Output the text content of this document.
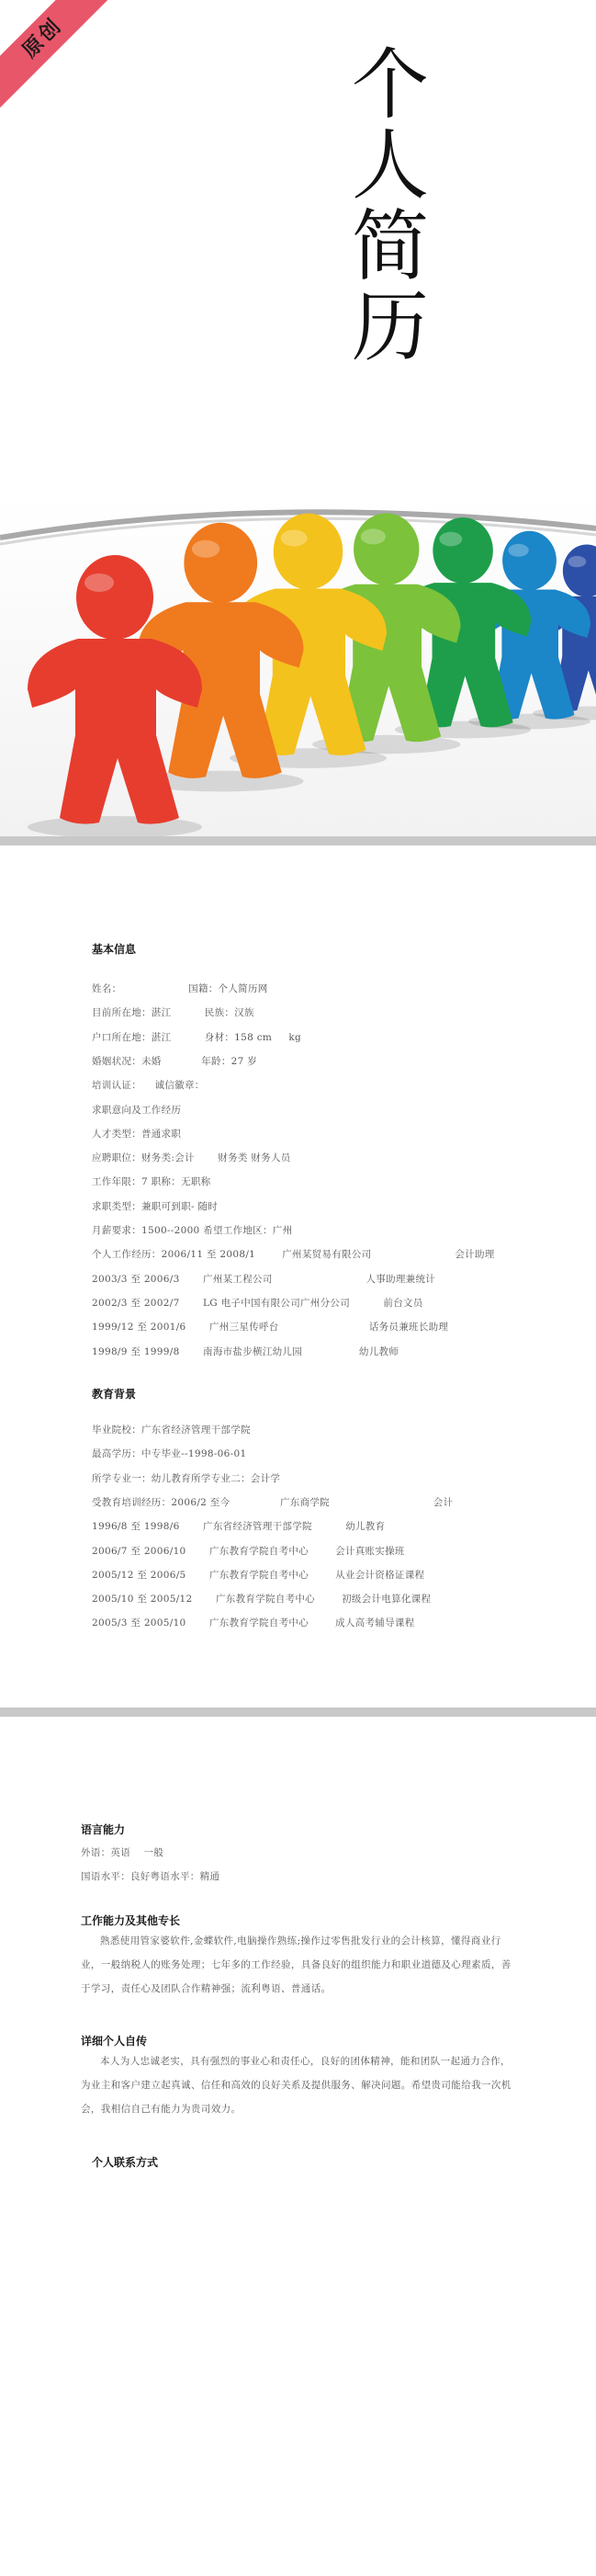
原创
个
人
简
历
基本信息
姓名：                    国籍：个人简历网
目前所在地：湛江          民族：汉族
户口所在地：湛江          身材：158 cm     kg
婚姻状况：未婚            年龄：27 岁
培训认证：    诚信徽章：
求职意向及工作经历
人才类型：普通求职
应聘职位：财务类:会计       财务类 财务人员
工作年限：7 职称：无职称
求职类型：兼职可到职- 随时
月薪要求：1500--2000 希望工作地区：广州
个人工作经历：2006/11 至 2008/1        广州某贸易有限公司                         会计助理
2003/3 至 2006/3       广州某工程公司                            人事助理兼统计
2002/3 至 2002/7       LG 电子中国有限公司广州分公司          前台文员
1999/12 至 2001/6       广州三星传呼台                           话务员兼班长助理
1998/9 至 1999/8       南海市盐步横江幼儿园                 幼儿教师
教育背景
毕业院校：广东省经济管理干部学院
最高学历：中专毕业--1998-06-01
所学专业一：幼儿教育所学专业二：会计学
受教育培训经历：2006/2 至今               广东商学院                               会计
1996/8 至 1998/6       广东省经济管理干部学院          幼儿教育
2006/7 至 2006/10       广东教育学院自考中心        会计真账实操班
2005/12 至 2006/5       广东教育学院自考中心        从业会计资格证课程
2005/10 至 2005/12       广东教育学院自考中心        初级会计电算化课程
2005/3 至 2005/10       广东教育学院自考中心        成人高考辅导课程
语言能力
外语：英语    一般
国语水平：良好粤语水平：精通
工作能力及其他专长
熟悉使用管家婆软件,金蝶软件,电脑操作熟练;操作过零售批发行业的会计核算，懂得商业行业，一般纳税人的账务处理；七年多的工作经验，具备良好的组织能力和职业道德及心理素质，善于学习，责任心及团队合作精神强；流利粤语、普通话。
详细个人自传
本人为人忠诚老实，具有强烈的事业心和责任心，良好的团体精神，能和团队一起通力合作，为业主和客户建立起真诚、信任和高效的良好关系及提供服务、解决问题。希望贵司能给我一次机会，我相信自己有能力为贵司效力。
个人联系方式
